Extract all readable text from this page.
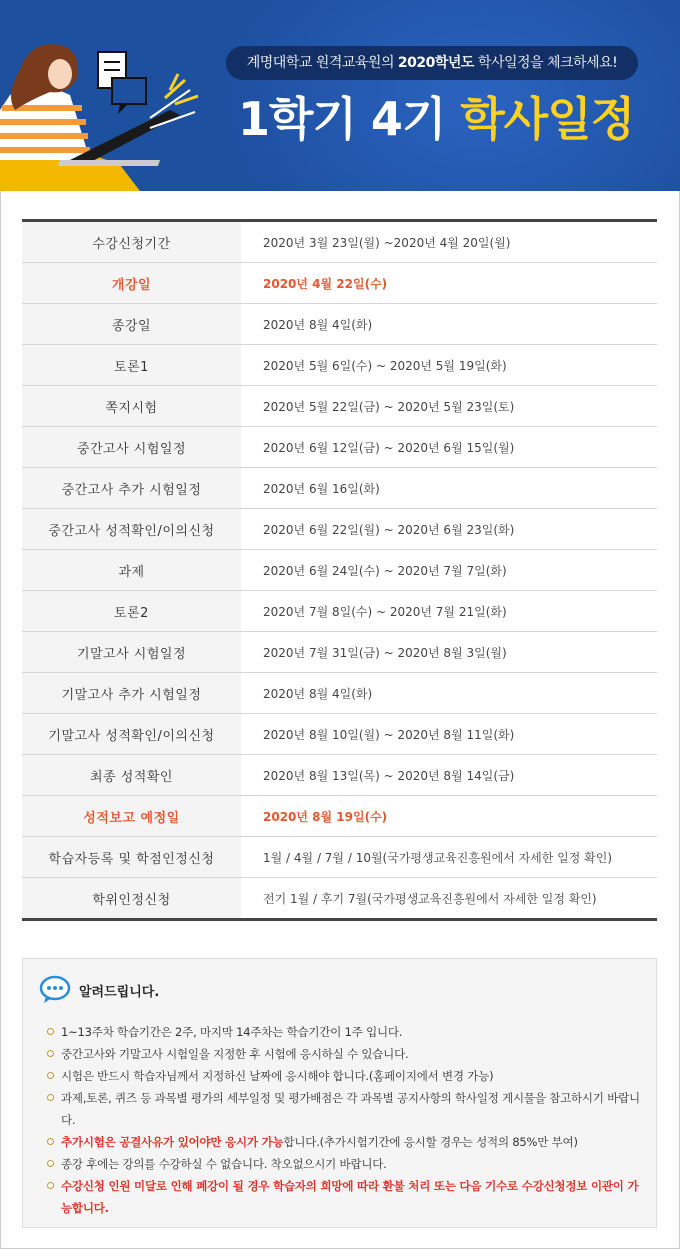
계명대학교 원격교육원의 2020학년도 학사일정을 체크하세요!
1학기 4기 학사일정
수강신청기간	2020년 3월 23일(월) ~2020년 4월 20일(월)
개강일	2020년 4월 22일(수)
종강일	2020년 8월 4일(화)
토론1	2020년 5월 6일(수) ~ 2020년 5월 19일(화)
쪽지시험	2020년 5월 22일(금) ~ 2020년 5월 23일(토)
중간고사 시험일정	2020년 6월 12일(금) ~ 2020년 6월 15일(월)
중간고사 추가 시험일정	2020년 6월 16일(화)
중간고사 성적확인/이의신청	2020년 6월 22일(월) ~ 2020년 6월 23일(화)
과제	2020년 6월 24일(수) ~ 2020년 7월 7일(화)
토론2	2020년 7월 8일(수) ~ 2020년 7월 21일(화)
기말고사 시험일정	2020년 7월 31일(금) ~ 2020년 8월 3일(월)
기말고사 추가 시험일정	2020년 8월 4일(화)
기말고사 성적확인/이의신청	2020년 8월 10일(월) ~ 2020년 8월 11일(화)
최종 성적확인	2020년 8월 13일(목) ~ 2020년 8월 14일(금)
성적보고 예정일	2020년 8월 19일(수)
학습자등록 및 학점인정신청	1월 / 4월 / 7월 / 10월(국가평생교육진흥원에서 자세한 일정 확인)
학위인정신청	전기 1월 / 후기 7월(국가평생교육진흥원에서 자세한 일정 확인)
알려드립니다.
1~13주차 학습기간은 2주, 마지막 14주차는 학습기간이 1주 입니다.
중간고사와 기말고사 시험일을 지정한 후 시험에 응시하실 수 있습니다.
시험은 반드시 학습자님께서 지정하신 날짜에 응시해야 합니다.(홈페이지에서 변경 가능)
과제,토론, 퀴즈 등 과목별 평가의 세부일정 및 평가배점은 각 과목별 공지사항의 학사일정 게시물을 참고하시기 바랍니다.
추가시험은 공결사유가 있어야만 응시가 가능합니다.(추가시험기간에 응시할 경우는 성적의 85%만 부여)
종강 후에는 강의를 수강하실 수 없습니다. 착오없으시기 바랍니다.
수강신청 인원 미달로 인해 폐강이 될 경우 학습자의 희망에 따라 환불 처리 또는 다음 기수로 수강신청정보 이관이 가능합니다.
